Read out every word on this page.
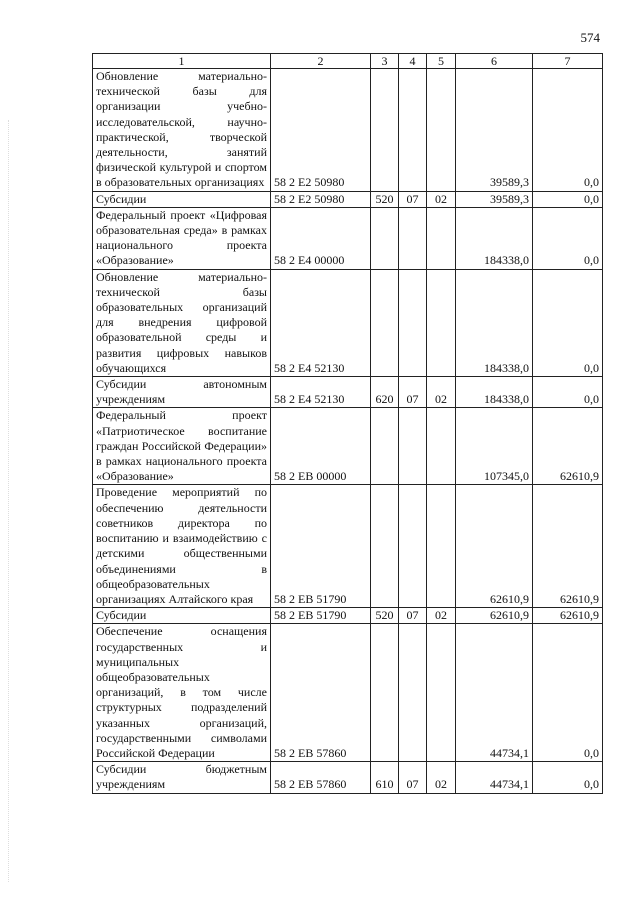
574
1	2	3	4	5	6	7
Обновление материально-технической базы для организации учебно-исследовательской, научно-практической, творческой деятельности, занятий физической культурой и спортом в образовательных организациях	58 2 E2 50980				39589,3	0,0
Субсидии	58 2 E2 50980	520	07	02	39589,3	0,0
Федеральный проект «Цифровая образовательная среда» в рамках национального проекта «Образование»	58 2 E4 00000				184338,0	0,0
Обновление материально-технической базы образовательных организаций для внедрения цифровой образовательной среды и развития цифровых навыков обучающихся	58 2 E4 52130				184338,0	0,0
Субсидии автономным учреждениям	58 2 E4 52130	620	07	02	184338,0	0,0
Федеральный проект «Патриотическое воспитание граждан Российской Федерации» в рамках национального проекта «Образование»	58 2 EB 00000				107345,0	62610,9
Проведение мероприятий по обеспечению деятельности советников директора по воспитанию и взаимодействию с детскими общественными объединениями в общеобразовательных организациях Алтайского края	58 2 EB 51790				62610,9	62610,9
Субсидии	58 2 EB 51790	520	07	02	62610,9	62610,9
Обеспечение оснащения государственных и муниципальных общеобразовательных организаций, в том числе структурных подразделений указанных организаций, государственными символами Российской Федерации	58 2 EB 57860				44734,1	0,0
Субсидии бюджетным учреждениям	58 2 EB 57860	610	07	02	44734,1	0,0
